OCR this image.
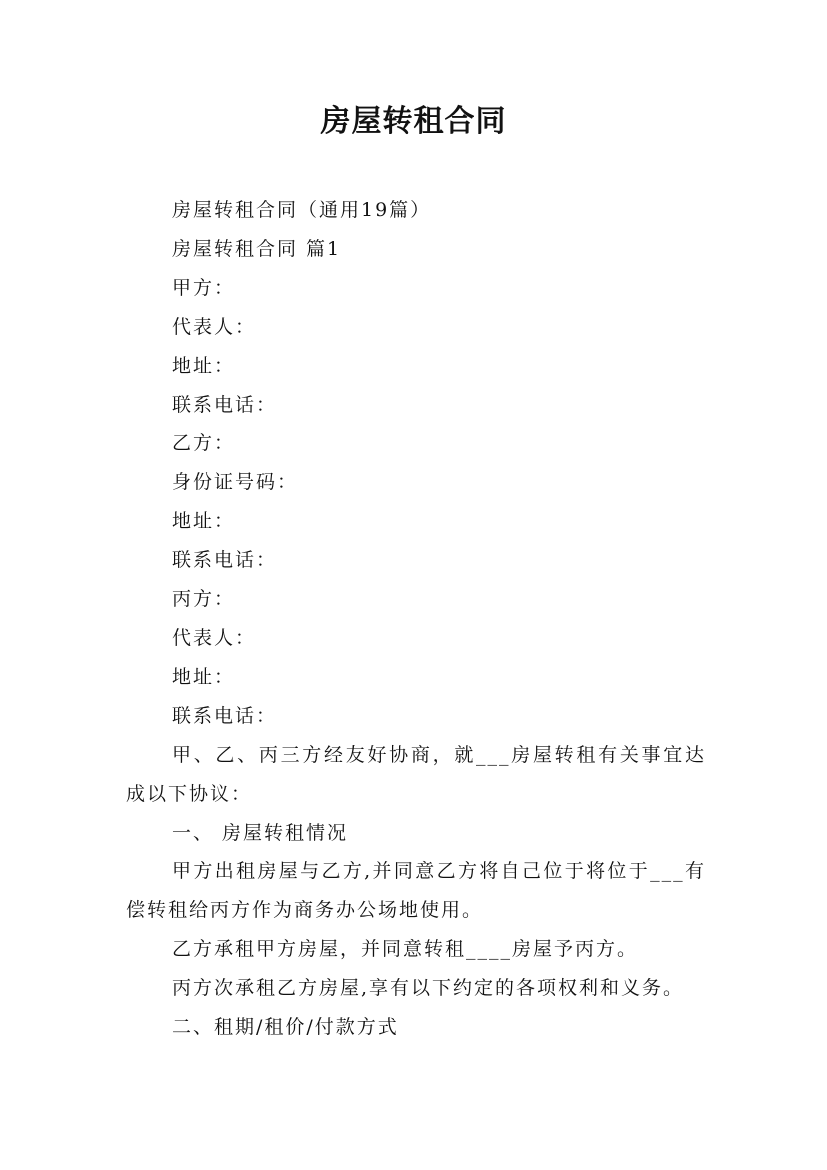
房屋转租合同

房屋转租合同（通用19篇）

房屋转租合同 篇1

甲方：

代表人：

地址：

联系电话：

乙方：

身份证号码：

地址：

联系电话：

丙方：

代表人：

地址：

联系电话：

甲、乙、丙三方经友好协商，就___房屋转租有关事宜达成以下协议：

一、 房屋转租情况

甲方出租房屋与乙方,并同意乙方将自己位于将位于___有偿转租给丙方作为商务办公场地使用。

乙方承租甲方房屋，并同意转租____房屋予丙方。

丙方次承租乙方房屋,享有以下约定的各项权利和义务。

二、租期/租价/付款方式
